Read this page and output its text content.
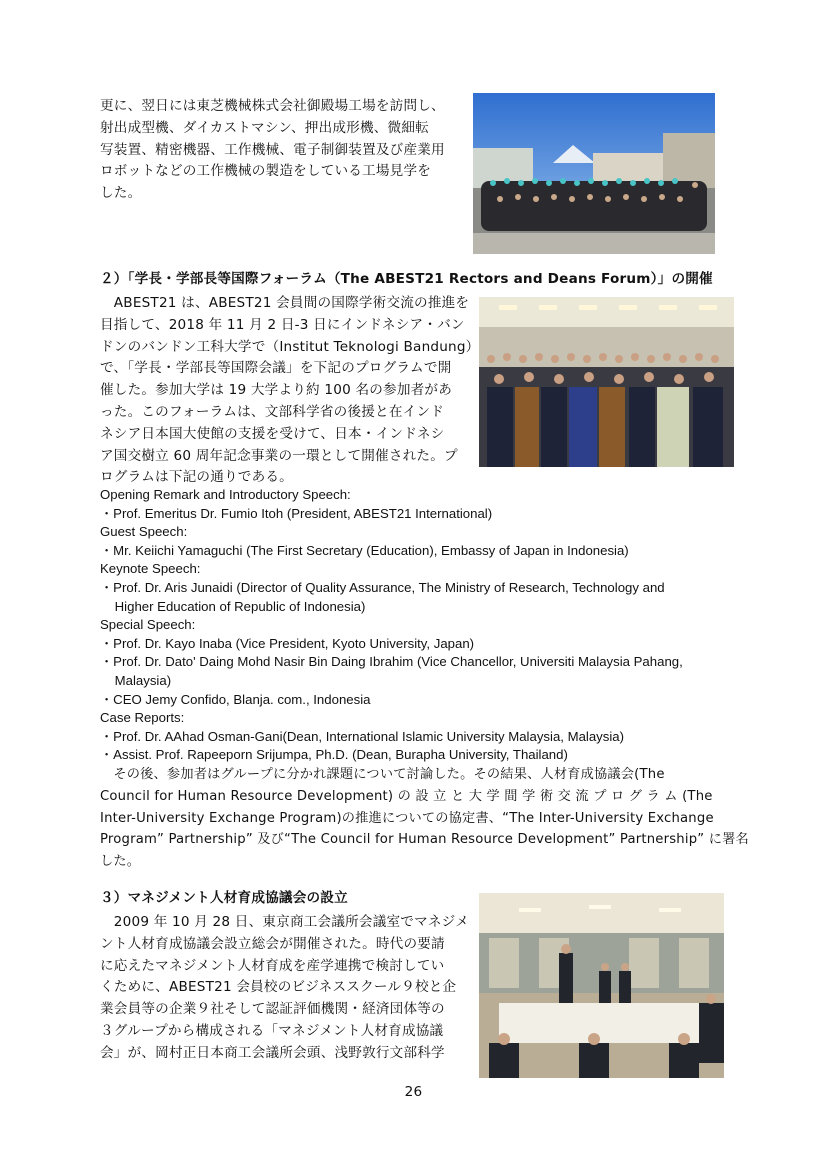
更に、翌日には東芝機械株式会社御殿場工場を訪問し、
射出成型機、ダイカストマシン、押出成形機、微細転
写装置、精密機器、工作機械、電子制御装置及び産業用
ロボットなどの工作機械の製造をしている工場見学を
した。
２）「学長・学部長等国際フォーラム（The ABEST21 Rectors and Deans Forum）」の開催
　ABEST21 は、ABEST21 会員間の国際学術交流の推進を
目指して、2018 年 11 月 2 日-3 日にインドネシア・バン
ドンのバンドン工科大学で（Institut Teknologi Bandung）
で、「学長・学部長等国際会議」を下記のプログラムで開
催した。参加大学は 19 大学より約 100 名の参加者があ
った。このフォーラムは、文部科学省の後援と在インド
ネシア日本国大使館の支援を受けて、日本・インドネシ
ア国交樹立 60 周年記念事業の一環として開催された。プ
ログラムは下記の通りである。
Opening Remark and Introductory Speech:
・Prof. Emeritus Dr. Fumio Itoh (President, ABEST21 International)
Guest Speech:
・Mr. Keiichi Yamaguchi (The First Secretary (Education), Embassy of Japan in Indonesia)
Keynote Speech:
・Prof. Dr. Aris Junaidi (Director of Quality Assurance, The Ministry of Research, Technology and
Higher Education of Republic of Indonesia)
Special Speech:
・Prof. Dr. Kayo Inaba (Vice President, Kyoto University, Japan)
・Prof. Dr. Dato' Daing Mohd Nasir Bin Daing Ibrahim (Vice Chancellor, Universiti Malaysia Pahang,
Malaysia)
・CEO Jemy Confido, Blanja. com., Indonesia
Case Reports:
・Prof. Dr. AAhad Osman-Gani(Dean, International Islamic University Malaysia, Malaysia)
・Assist. Prof. Rapeeporn Srijumpa, Ph.D. (Dean, Burapha University, Thailand)
　その後、参加者はグループに分かれ課題について討論した。その結果、人材育成協議会(The
Council for Human Resource Development) の 設 立 と 大 学 間 学 術 交 流 プ ロ グ ラ ム (The
Inter-University Exchange Program)の推進についての協定書、“The Inter-University Exchange
Program” Partnership” 及び“The Council for Human Resource Development” Partnership” に署名
した。
３）マネジメント人材育成協議会の設立
　2009 年 10 月 28 日、東京商工会議所会議室でマネジメ
ント人材育成協議会設立総会が開催された。時代の要請
に応えたマネジメント人材育成を産学連携で検討してい
くために、ABEST21 会員校のビジネススクール９校と企
業会員等の企業９社そして認証評価機関・経済団体等の
３グループから構成される「マネジメント人材育成協議
会」が、岡村正日本商工会議所会頭、浅野敦行文部科学
26
